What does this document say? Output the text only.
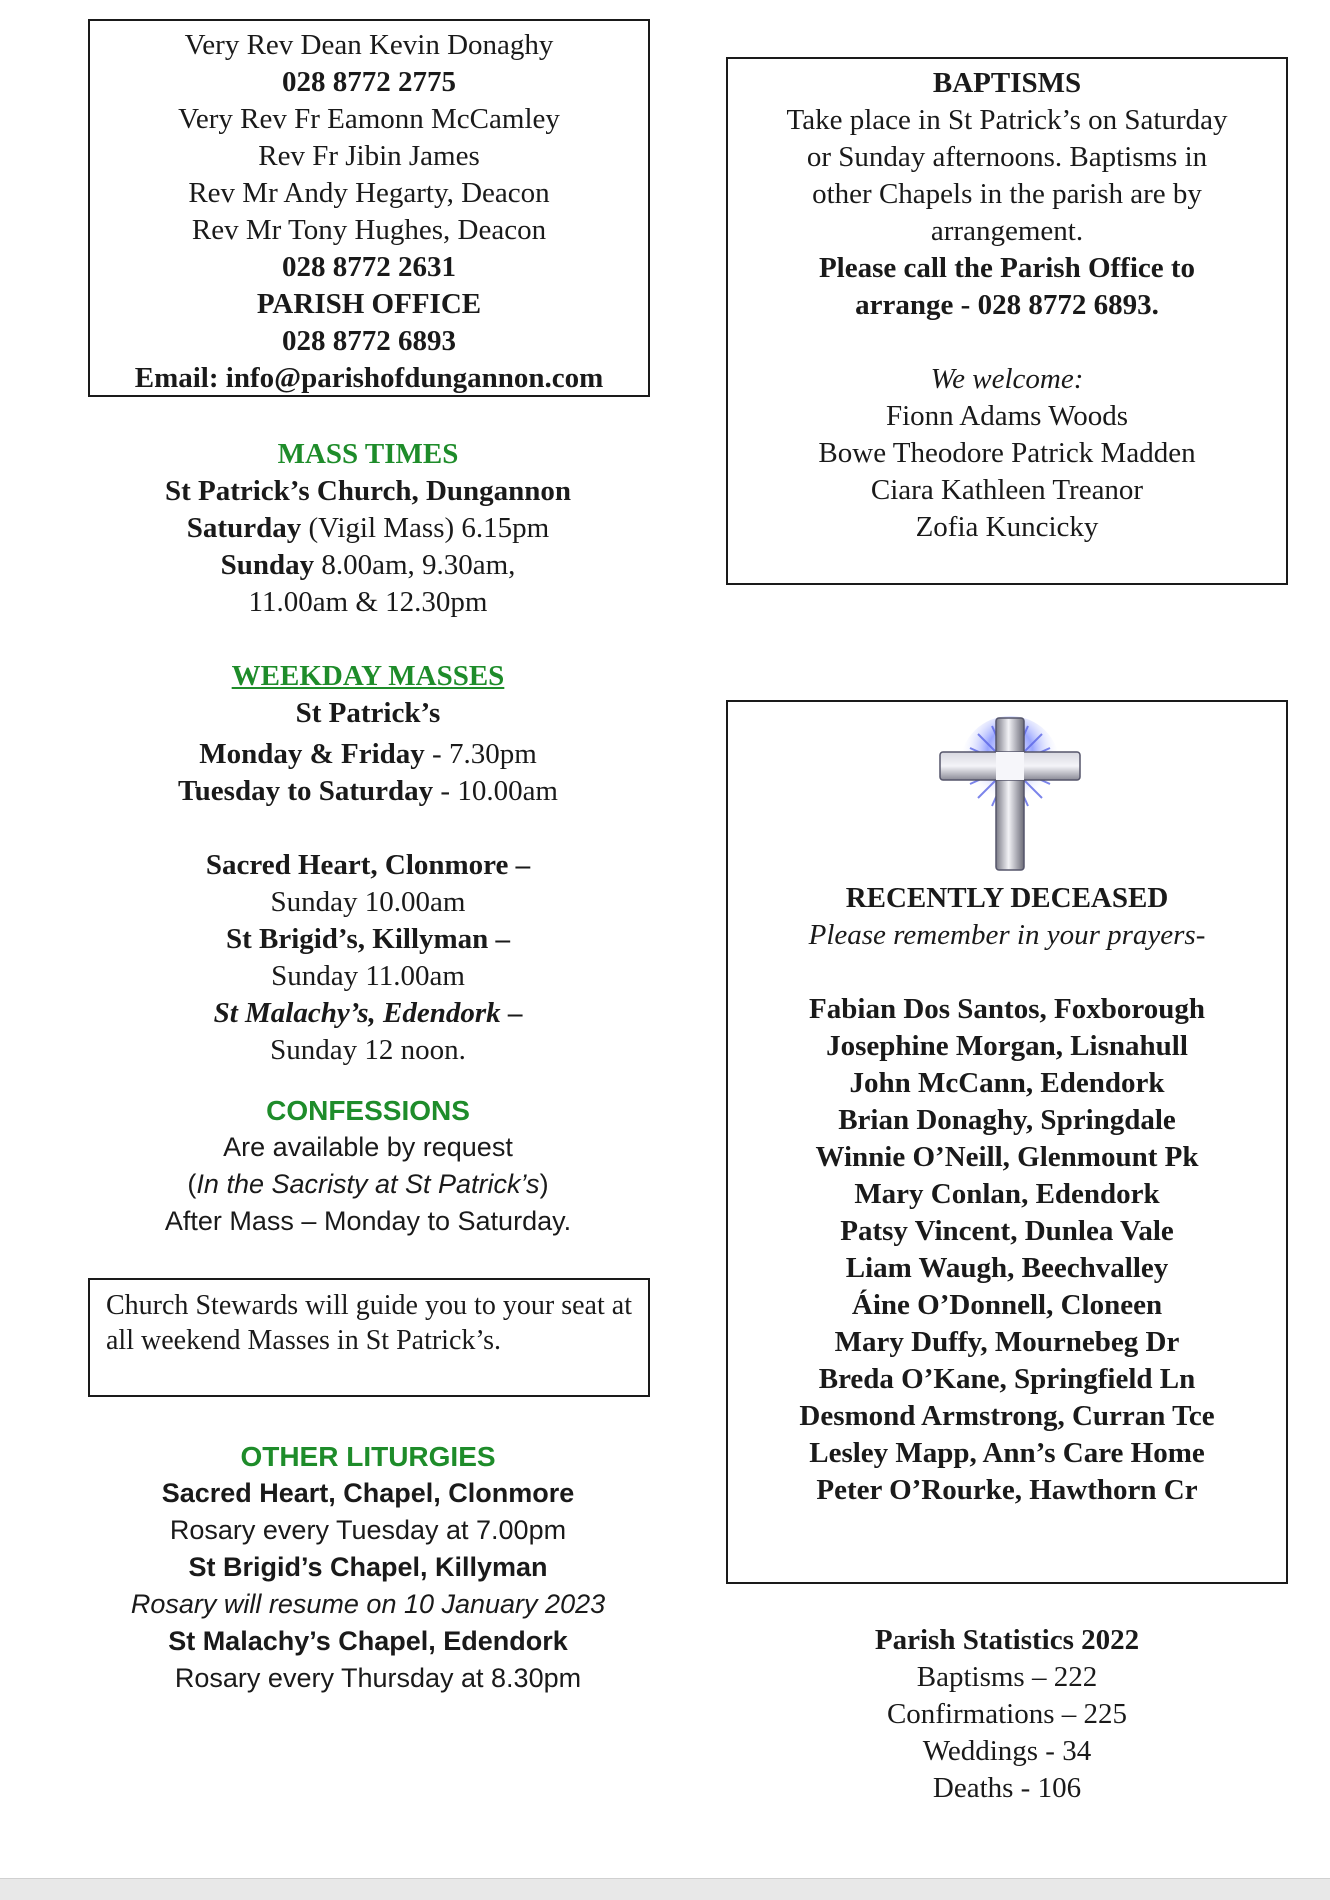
Very Rev Dean Kevin Donaghy
028 8772 2775
Very Rev Fr Eamonn McCamley
Rev Fr Jibin James
Rev Mr Andy Hegarty, Deacon
Rev Mr Tony Hughes, Deacon
028 8772 2631
PARISH OFFICE
028 8772 6893
Email: info@parishofdungannon.com
MASS TIMES
St Patrick’s Church, Dungannon
Saturday (Vigil Mass) 6.15pm
Sunday 8.00am, 9.30am,
11.00am & 12.30pm
WEEKDAY MASSES
St Patrick’s
Monday & Friday - 7.30pm
Tuesday to Saturday - 10.00am
Sacred Heart, Clonmore –
Sunday 10.00am
St Brigid’s, Killyman –
Sunday 11.00am
St Malachy’s, Edendork –
Sunday 12 noon.
CONFESSIONS
Are available by request
(In the Sacristy at St Patrick’s)
After Mass – Monday to Saturday.
Church Stewards will guide you to your seat at all weekend Masses in St Patrick’s.
OTHER LITURGIES
Sacred Heart, Chapel, Clonmore
Rosary every Tuesday at 7.00pm
St Brigid’s Chapel, Killyman
Rosary will resume on 10 January 2023
St Malachy’s Chapel, Edendork
Rosary every Thursday at 8.30pm
BAPTISMS
Take place in St Patrick’s on Saturday
or Sunday afternoons. Baptisms in
other Chapels in the parish are by
arrangement.
Please call the Parish Office to
arrange - 028 8772 6893.
We welcome:
Fionn Adams Woods
Bowe Theodore Patrick Madden
Ciara Kathleen Treanor
Zofia Kuncicky
RECENTLY DECEASED
Please remember in your prayers-
Fabian Dos Santos, Foxborough
Josephine Morgan, Lisnahull
John McCann, Edendork
Brian Donaghy, Springdale
Winnie O’Neill, Glenmount Pk
Mary Conlan, Edendork
Patsy Vincent, Dunlea Vale
Liam Waugh, Beechvalley
Áine O’Donnell, Cloneen
Mary Duffy, Mournebeg Dr
Breda O’Kane, Springfield Ln
Desmond Armstrong, Curran Tce
Lesley Mapp, Ann’s Care Home
Peter O’Rourke, Hawthorn Cr
Parish Statistics 2022
Baptisms – 222
Confirmations – 225
Weddings - 34
Deaths - 106
